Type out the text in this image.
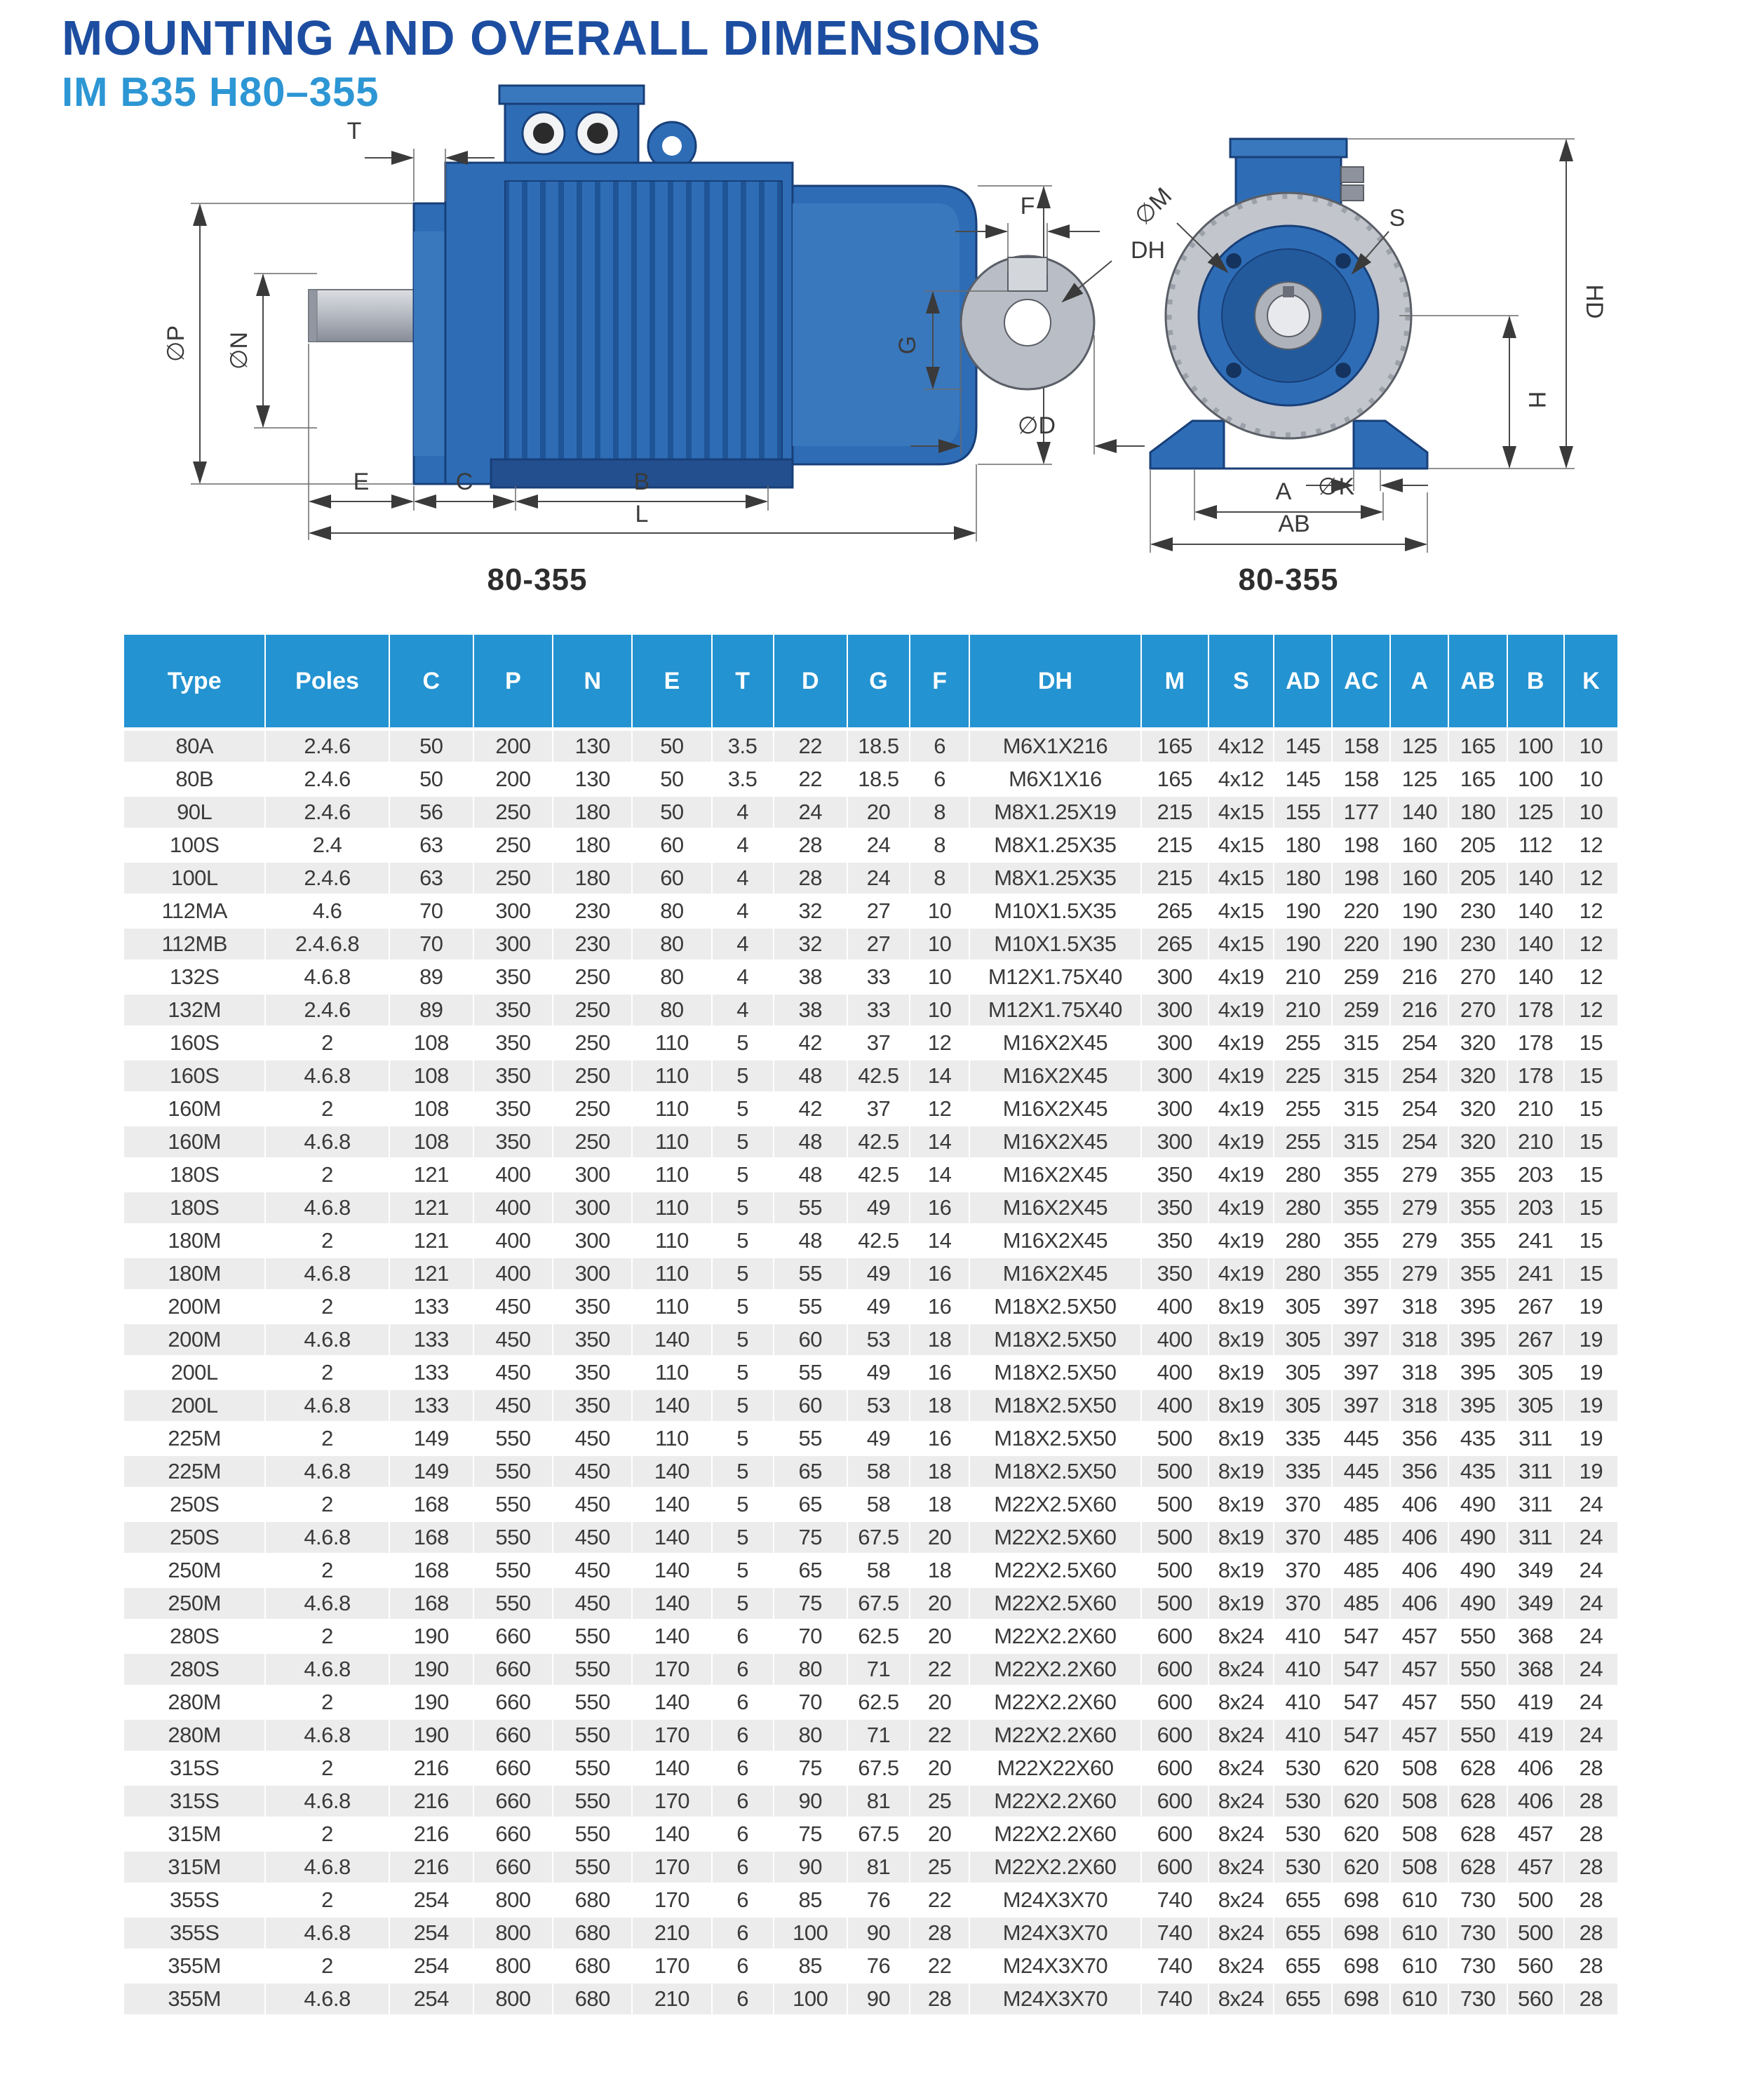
MOUNTING AND OVERALL DIMENSIONS
IM B35 H80–355
T
∅P ∅N
E	C	B
L
F
DH
G
∅D
∅M	S
HD
H
∅K
A
AB
80-355	80-355
Type	Poles	C	P	N	E	T	D	G	F	DH	M	S	AD	AC	A	AB	B	K
80A	2.4.6	50	200	130	50	3.5	22	18.5	6	M6X1X216	165	4x12	145	158	125	165	100	10
80B	2.4.6	50	200	130	50	3.5	22	18.5	6	M6X1X16	165	4x12	145	158	125	165	100	10
90L	2.4.6	56	250	180	50	4	24	20	8	M8X1.25X19	215	4x15	155	177	140	180	125	10
100S	2.4	63	250	180	60	4	28	24	8	M8X1.25X35	215	4x15	180	198	160	205	112	12
100L	2.4.6	63	250	180	60	4	28	24	8	M8X1.25X35	215	4x15	180	198	160	205	140	12
112MA	4.6	70	300	230	80	4	32	27	10	M10X1.5X35	265	4x15	190	220	190	230	140	12
112MB	2.4.6.8	70	300	230	80	4	32	27	10	M10X1.5X35	265	4x15	190	220	190	230	140	12
132S	4.6.8	89	350	250	80	4	38	33	10	M12X1.75X40	300	4x19	210	259	216	270	140	12
132M	2.4.6	89	350	250	80	4	38	33	10	M12X1.75X40	300	4x19	210	259	216	270	178	12
160S	2	108	350	250	110	5	42	37	12	M16X2X45	300	4x19	255	315	254	320	178	15
160S	4.6.8	108	350	250	110	5	48	42.5	14	M16X2X45	300	4x19	225	315	254	320	178	15
160M	2	108	350	250	110	5	42	37	12	M16X2X45	300	4x19	255	315	254	320	210	15
160M	4.6.8	108	350	250	110	5	48	42.5	14	M16X2X45	300	4x19	255	315	254	320	210	15
180S	2	121	400	300	110	5	48	42.5	14	M16X2X45	350	4x19	280	355	279	355	203	15
180S	4.6.8	121	400	300	110	5	55	49	16	M16X2X45	350	4x19	280	355	279	355	203	15
180M	2	121	400	300	110	5	48	42.5	14	M16X2X45	350	4x19	280	355	279	355	241	15
180M	4.6.8	121	400	300	110	5	55	49	16	M16X2X45	350	4x19	280	355	279	355	241	15
200M	2	133	450	350	110	5	55	49	16	M18X2.5X50	400	8x19	305	397	318	395	267	19
200M	4.6.8	133	450	350	140	5	60	53	18	M18X2.5X50	400	8x19	305	397	318	395	267	19
200L	2	133	450	350	110	5	55	49	16	M18X2.5X50	400	8x19	305	397	318	395	305	19
200L	4.6.8	133	450	350	140	5	60	53	18	M18X2.5X50	400	8x19	305	397	318	395	305	19
225M	2	149	550	450	110	5	55	49	16	M18X2.5X50	500	8x19	335	445	356	435	311	19
225M	4.6.8	149	550	450	140	5	65	58	18	M18X2.5X50	500	8x19	335	445	356	435	311	19
250S	2	168	550	450	140	5	65	58	18	M22X2.5X60	500	8x19	370	485	406	490	311	24
250S	4.6.8	168	550	450	140	5	75	67.5	20	M22X2.5X60	500	8x19	370	485	406	490	311	24
250M	2	168	550	450	140	5	65	58	18	M22X2.5X60	500	8x19	370	485	406	490	349	24
250M	4.6.8	168	550	450	140	5	75	67.5	20	M22X2.5X60	500	8x19	370	485	406	490	349	24
280S	2	190	660	550	140	6	70	62.5	20	M22X2.2X60	600	8x24	410	547	457	550	368	24
280S	4.6.8	190	660	550	170	6	80	71	22	M22X2.2X60	600	8x24	410	547	457	550	368	24
280M	2	190	660	550	140	6	70	62.5	20	M22X2.2X60	600	8x24	410	547	457	550	419	24
280M	4.6.8	190	660	550	170	6	80	71	22	M22X2.2X60	600	8x24	410	547	457	550	419	24
315S	2	216	660	550	140	6	75	67.5	20	M22X22X60	600	8x24	530	620	508	628	406	28
315S	4.6.8	216	660	550	170	6	90	81	25	M22X2.2X60	600	8x24	530	620	508	628	406	28
315M	2	216	660	550	140	6	75	67.5	20	M22X2.2X60	600	8x24	530	620	508	628	457	28
315M	4.6.8	216	660	550	170	6	90	81	25	M22X2.2X60	600	8x24	530	620	508	628	457	28
355S	2	254	800	680	170	6	85	76	22	M24X3X70	740	8x24	655	698	610	730	500	28
355S	4.6.8	254	800	680	210	6	100	90	28	M24X3X70	740	8x24	655	698	610	730	500	28
355M	2	254	800	680	170	6	85	76	22	M24X3X70	740	8x24	655	698	610	730	560	28
355M	4.6.8	254	800	680	210	6	100	90	28	M24X3X70	740	8x24	655	698	610	730	560	28
